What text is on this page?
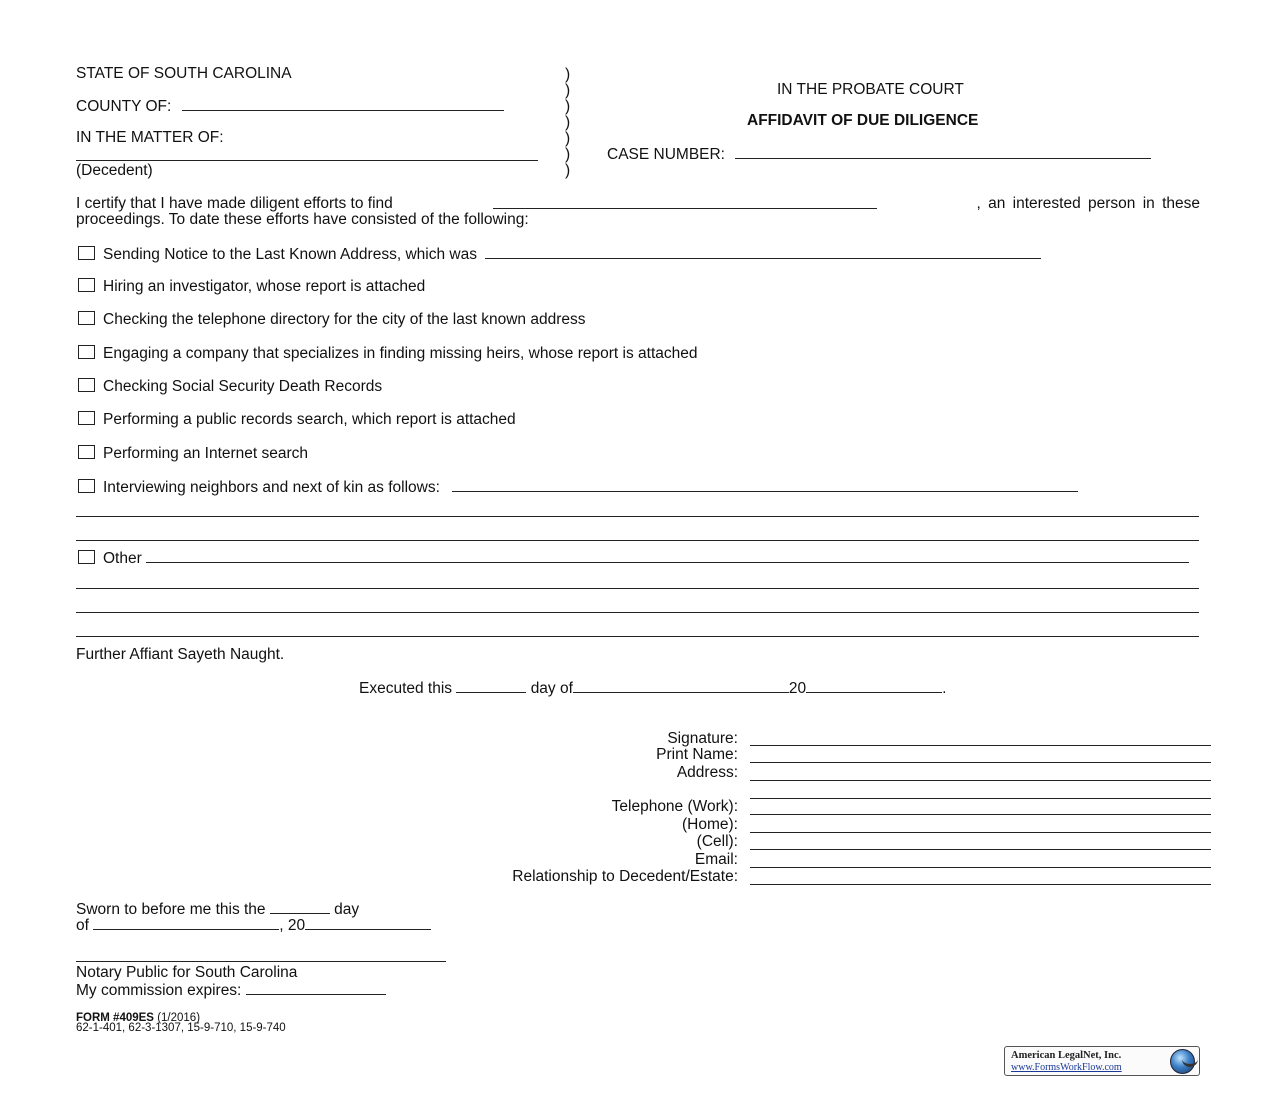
STATE OF SOUTH CAROLINA
COUNTY OF:
IN THE MATTER OF:
(Decedent)
)
)
)
)
)
)
)
IN THE PROBATE COURT
AFFIDAVIT OF DUE DILIGENCE
CASE NUMBER:
I certify that I have made diligent efforts to find	, an interested person in these
proceedings. To date these efforts have consisted of the following:
Sending Notice to the Last Known Address, which was
Hiring an investigator, whose report is attached
Checking the telephone directory for the city of the last known address
Engaging a company that specializes in finding missing heirs, whose report is attached
Checking Social Security Death Records
Performing a public records search, which report is attached
Performing an Internet search
Interviewing neighbors and next of kin as follows:
Other
Further Affiant Sayeth Naught.
Executed this	day of	20	.
Signature:
Print Name:
Address:
Telephone (Work):
(Home):
(Cell):
Email:
Relationship to Decedent/Estate:
Sworn to before me this the	day
of	, 20
Notary Public for South Carolina
My commission expires:
FORM #409ES (1/2016)
62-1-401, 62-3-1307, 15-9-710, 15-9-740
American LegalNet, Inc.
www.FormsWorkFlow.com
